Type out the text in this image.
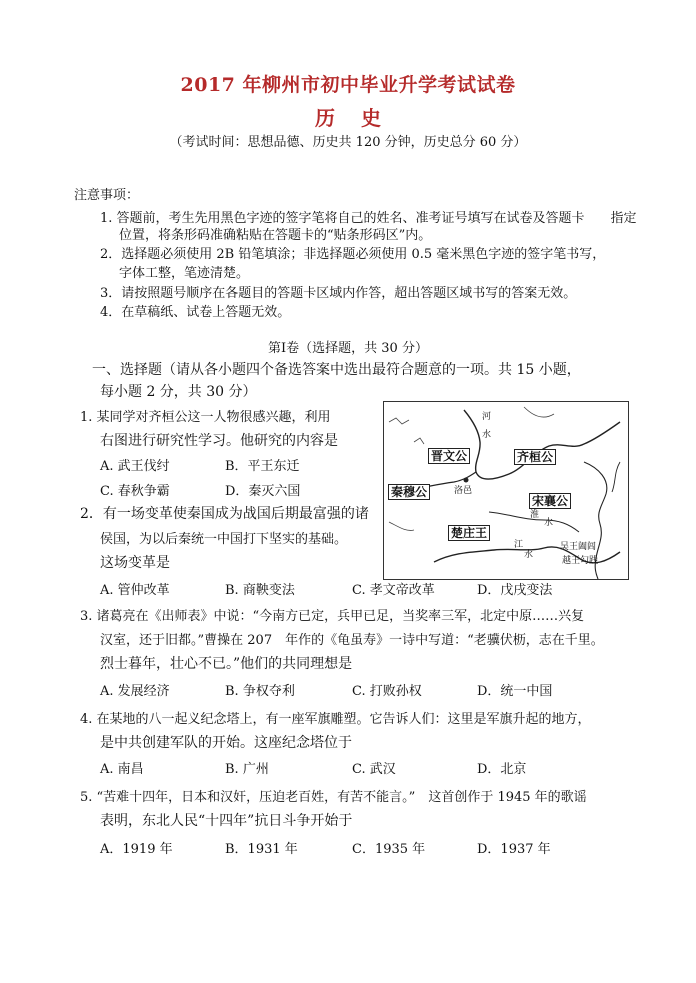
2017 年柳州市初中毕业升学考试试卷
历史
（考试时间：思想品德、历史共 120 分钟，历史总分 60 分）
注意事项：
1. 答题前，考生先用黑色字迹的签字笔将自己的姓名、准考证号填写在试卷及答题卡　　指定
位置，将条形码准确粘贴在答题卡的“贴条形码区”内。
2．选择题必须使用 2B 铅笔填涂；非选择题必须使用 0.5 毫米黑色字迹的签字笔书写，
字体工整，笔迹清楚。
3．请按照题号顺序在各题目的答题卡区域内作答，超出答题区域书写的答案无效。
4．在草稿纸、试卷上答题无效。
第Ⅰ卷（选择题，共 30 分）
一、选择题（请从各小题四个备选答案中选出最符合题意的一项。共 15 小题，
每小题 2 分，共 30 分）
1. 某同学对齐桓公这一人物很感兴趣，利用
右图进行研究性学习。他研究的内容是
A. 武王伐纣	B．平王东迁
C. 春秋争霸	D．秦灭六国
2．有一场变革使秦国成为战国后期最富强的诸
侯国，为以后秦统一中国打下坚实的基础。
这场变革是
A. 管仲改革	B. 商鞅变法	C. 孝文帝改革	D．戊戌变法
3. 诸葛亮在《出师表》中说：“今南方已定，兵甲已足，当奖率三军，北定中原……兴复
汉室，还于旧都。”曹操在 207　年作的《龟虽寿》一诗中写道：“老骥伏枥，志在千里。
烈士暮年，壮心不已。”他们的共同理想是
A. 发展经济	B. 争权夺利	C. 打败孙权	D．统一中国
4. 在某地的八一起义纪念塔上，有一座军旗雕塑。它告诉人们：这里是军旗升起的地方，
是中共创建军队的开始。这座纪念塔位于
A. 南昌	B. 广州	C. 武汉	D．北京
5. “苦难十四年，日本和汉奸，压迫老百姓，有苦不能言。”　这首创作于 1945 年的歌谣
表明，东北人民“十四年”抗日斗争开始于
A．1919 年	B．1931 年	C．1935 年	D．1937 年
晋文公	齐桓公
秦穆公
宋襄公
楚庄王
河
水
淮
水
江
水
洛邑
吴王阖闾
越王勾践
